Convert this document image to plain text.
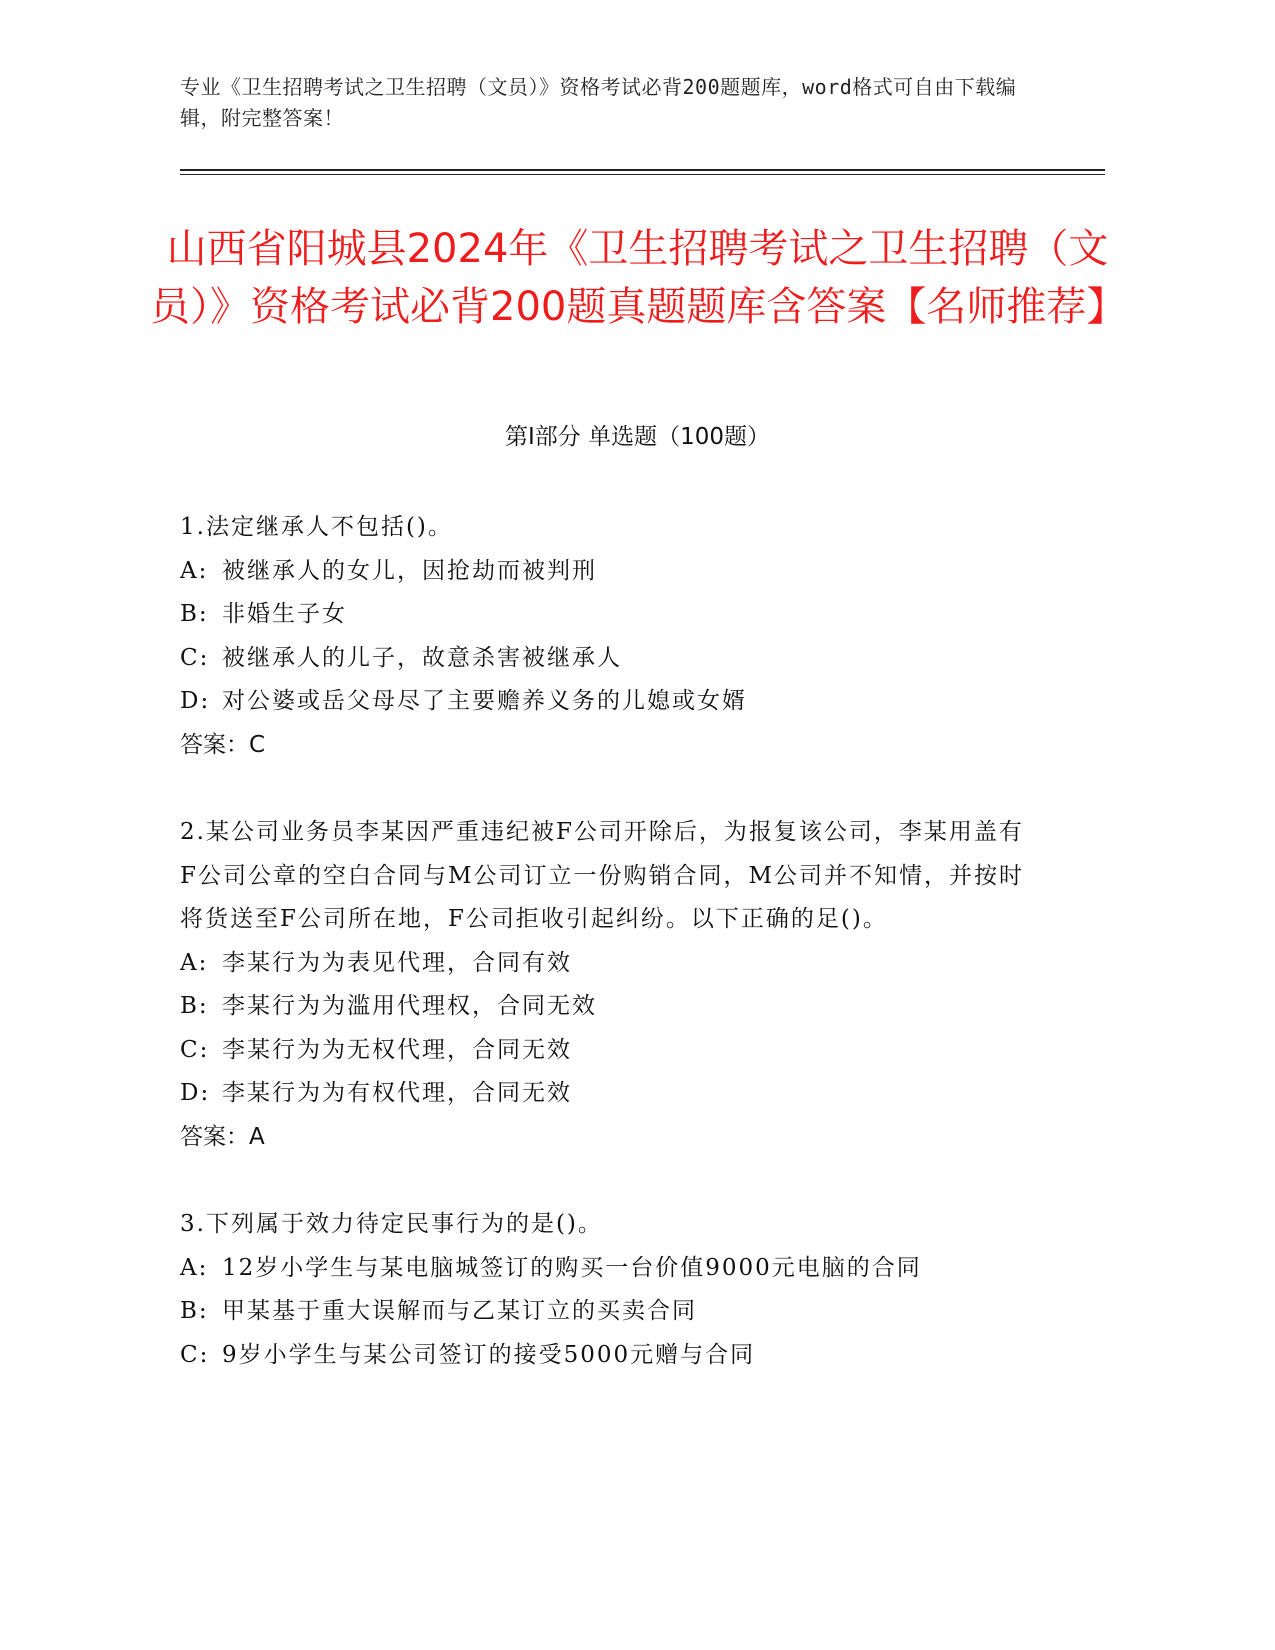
专业《卫生招聘考试之卫生招聘（文员）》资格考试必背200题题库，word格式可自由下载编辑，附完整答案！
山西省阳城县2024年《卫生招聘考试之卫生招聘（文员）》资格考试必背200题真题题库含答案【名师推荐】
第Ⅰ部分 单选题（100题）

1.法定继承人不包括()。

A: 被继承人的女儿，因抢劫而被判刑

B: 非婚生子女

C: 被继承人的儿子，故意杀害被继承人

D: 对公婆或岳父母尽了主要赡养义务的儿媳或女婿

答案：C

2.某公司业务员李某因严重违纪被F公司开除后，为报复该公司，李某用盖有F公司公章的空白合同与M公司订立一份购销合同，M公司并不知情，并按时将货送至F公司所在地，F公司拒收引起纠纷。以下正确的足()。

A: 李某行为为表见代理，合同有效

B: 李某行为为滥用代理权，合同无效

C: 李某行为为无权代理，合同无效

D: 李某行为为有权代理，合同无效

答案：A

3.下列属于效力待定民事行为的是()。

A: 12岁小学生与某电脑城签订的购买一台价值9000元电脑的合同

B: 甲某基于重大误解而与乙某订立的买卖合同

C: 9岁小学生与某公司签订的接受5000元赠与合同
